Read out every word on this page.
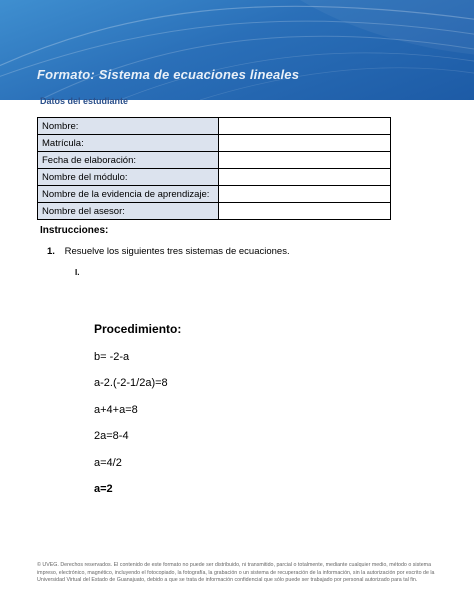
Formato: Sistema de ecuaciones lineales
Datos del estudiante
Nombre:	
Matrícula:	
Fecha de elaboración:	
Nombre del módulo:	
Nombre de la evidencia de aprendizaje:	
Nombre del asesor:	
Instrucciones:
1. Resuelve los siguientes tres sistemas de ecuaciones.
I.
Procedimiento:
b= -2-a
a-2.(-2-1/2a)=8
a+4+a=8
2a=8-4
a=4/2
a=2
© UVEG. Derechos reservados. El contenido de este formato no puede ser distribuido, ni transmitido, parcial o totalmente, mediante cualquier medio, método o sistema impreso, electrónico, magnético, incluyendo el fotocopiado, la fotografía, la grabación o un sistema de recuperación de la información, sin la autorización por escrito de la Universidad Virtual del Estado de Guanajuato, debido a que se trata de información confidencial que sólo puede ser trabajado por personal autorizado para tal fin.
